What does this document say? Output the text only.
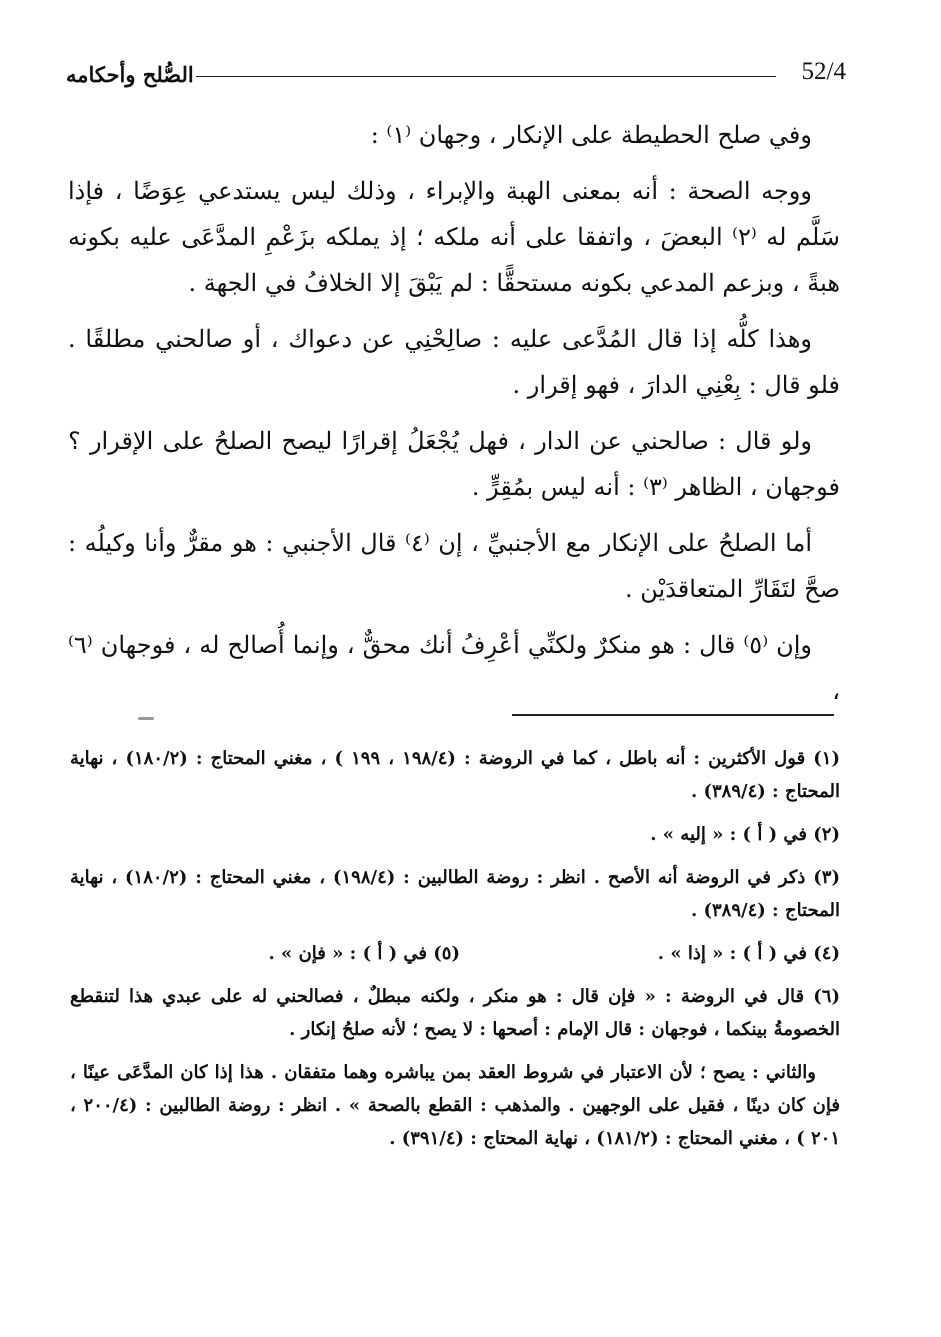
الصُّلح وأحكامه	52/4

وفي صلح الحطيطة على الإنكار ، وجهان ⁽١⁾ :

ووجه الصحة : أنه بمعنى الهبة والإبراء ، وذلك ليس يستدعي عِوَضًا ، فإذا سَلَّم له ⁽٢⁾ البعضَ ، واتفقا على أنه ملكه ؛ إذ يملكه بزَعْمِ المدَّعَى عليه بكونه هبةً ، وبزعم المدعي بكونه مستحقًّا : لم يَبْقَ إلا الخلافُ في الجهة .

وهذا كلُّه إذا قال المُدَّعى عليه : صالِحْنِي عن دعواك ، أو صالحني مطلقًا . فلو قال : بِعْنِي الدارَ ، فهو إقرار .

ولو قال : صالحني عن الدار ، فهل يُجْعَلُ إقرارًا ليصح الصلحُ على الإقرار ؟ فوجهان ، الظاهر ⁽٣⁾ : أنه ليس بمُقِرٍّ .

أما الصلحُ على الإنكار مع الأجنبيِّ ، إن ⁽٤⁾ قال الأجنبي : هو مقرٌّ وأنا وكيلُه : صحَّ لتَقَارِّ المتعاقدَيْن .

وإن ⁽٥⁾ قال : هو منكرٌ ولكنِّي أعْرِفُ أنك محقٌّ ، وإنما أُصالح له ، فوجهان ⁽٦⁾ ،

(١) قول الأكثرين : أنه باطل ، كما في الروضة : (١٩٨/٤ ، ١٩٩ ) ، مغني المحتاج : (١٨٠/٢) ، نهاية المحتاج : (٣٨٩/٤) .

(٢) في ( أ ) : « إليه » .

(٣) ذكر في الروضة أنه الأصح . انظر : روضة الطالبين : (١٩٨/٤) ، مغني المحتاج : (١٨٠/٢) ، نهاية المحتاج : (٣٨٩/٤) .

(٤) في ( أ ) : « إذا » .
(٥) في ( أ ) : « فإن » .

(٦) قال في الروضة : « فإن قال : هو منكر ، ولكنه مبطلٌ ، فصالحني له على عبدي هذا لتنقطع الخصومةُ بينكما ، فوجهان : قال الإمام : أصحها : لا يصح ؛ لأنه صلحُ إنكار .

والثاني : يصح ؛ لأن الاعتبار في شروط العقد بمن يباشره وهما متفقان . هذا إذا كان المدَّعَى عينًا ، فإن كان دينًا ، فقيل على الوجهين . والمذهب : القطع بالصحة » . انظر : روضة الطالبين : (٢٠٠/٤ ، ٢٠١ ) ، مغني المحتاج : (١٨١/٢) ، نهاية المحتاج : (٣٩١/٤) .
